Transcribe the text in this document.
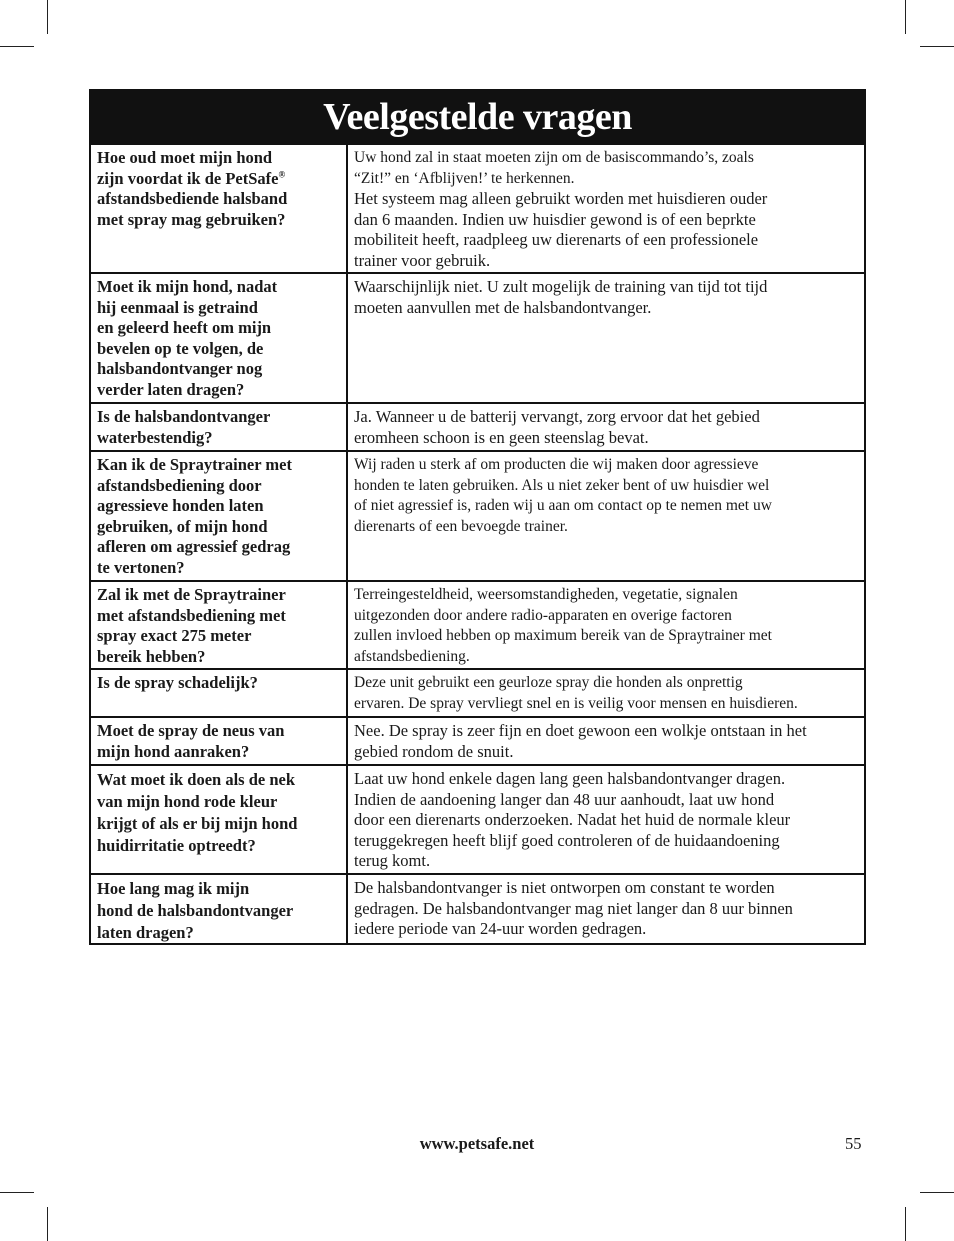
Veelgestelde vragen
Hoe oud moet mijn hond
zijn voordat ik de PetSafe®
afstandsbediende halsband
met spray mag gebruiken?
Uw hond zal in staat moeten zijn om de basiscommando’s, zoals
“Zit!” en ‘Afblijven!’ te herkennen.
Het systeem mag alleen gebruikt worden met huisdieren ouder
dan 6 maanden. Indien uw huisdier gewond is of een beprkte
mobiliteit heeft, raadpleeg uw dierenarts of een professionele
trainer voor gebruik.
Moet ik mijn hond, nadat
hij eenmaal is getraind
en geleerd heeft om mijn
bevelen op te volgen, de
halsbandontvanger nog
verder laten dragen?
Waarschijnlijk niet. U zult mogelijk de training van tijd tot tijd
moeten aanvullen met de halsbandontvanger.
Is de halsbandontvanger
waterbestendig?
Ja. Wanneer u de batterij vervangt, zorg ervoor dat het gebied
eromheen schoon is en geen steenslag bevat.
Kan ik de Spraytrainer met
afstandsbediening door
agressieve honden laten
gebruiken, of mijn hond
afleren om agressief gedrag
te vertonen?
Wij raden u sterk af om producten die wij maken door agressieve
honden te laten gebruiken. Als u niet zeker bent of uw huisdier wel
of niet agressief is, raden wij u aan om contact op te nemen met uw
dierenarts of een bevoegde trainer.
Zal ik met de Spraytrainer
met afstandsbediening met
spray exact 275 meter
bereik hebben?
Terreingesteldheid, weersomstandigheden, vegetatie, signalen
uitgezonden door andere radio-apparaten en overige factoren
zullen invloed hebben op maximum bereik van de Spraytrainer met
afstandsbediening.
Is de spray schadelijk?	Deze unit gebruikt een geurloze spray die honden als onprettig
ervaren. De spray vervliegt snel en is veilig voor mensen en huisdieren.
Moet de spray de neus van
mijn hond aanraken?
Nee. De spray is zeer fijn en doet gewoon een wolkje ontstaan in het
gebied rondom de snuit.
Wat moet ik doen als de nek
van mijn hond rode kleur
krijgt of als er bij mijn hond
huidirritatie optreedt?
Laat uw hond enkele dagen lang geen halsbandontvanger dragen.
Indien de aandoening langer dan 48 uur aanhoudt, laat uw hond
door een dierenarts onderzoeken. Nadat het huid de normale kleur
teruggekregen heeft blijf goed controleren of de huidaandoening
terug komt.
Hoe lang mag ik mijn
hond de halsbandontvanger
laten dragen?
De halsbandontvanger is niet ontworpen om constant te worden
gedragen. De halsbandontvanger mag niet langer dan 8 uur binnen
iedere periode van 24-uur worden gedragen.
www.petsafe.net	55
